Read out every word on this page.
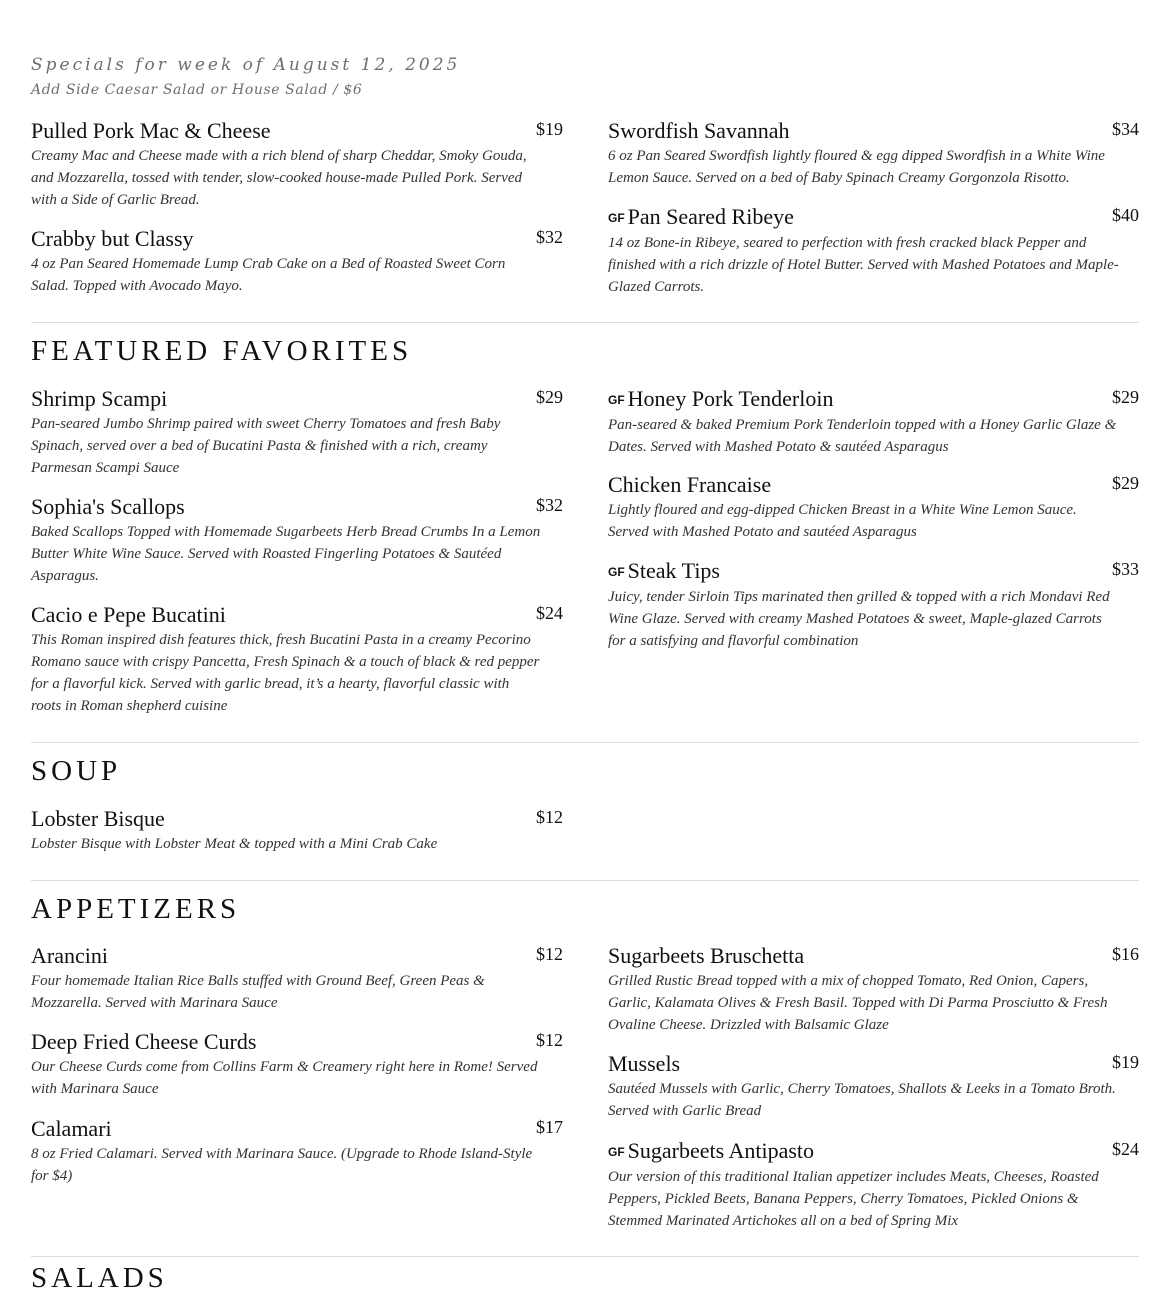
Specials for week of August 12, 2025

Add Side Caesar Salad or House Salad / $6

Pulled Pork Mac & Cheese	$19
Creamy Mac and Cheese made with a rich blend of sharp Cheddar, Smoky Gouda, and Mozzarella, tossed with tender, slow-cooked house-made Pulled Pork. Served with a Side of Garlic Bread.
Crabby but Classy	$32
4 oz Pan Seared Homemade Lump Crab Cake on a Bed of Roasted Sweet Corn Salad. Topped with Avocado Mayo.
Swordfish Savannah	$34
6 oz Pan Seared Swordfish lightly floured & egg dipped Swordfish in a White Wine Lemon Sauce. Served on a bed of Baby Spinach Creamy Gorgonzola Risotto.
GF Pan Seared Ribeye	$40
14 oz Bone-in Ribeye, seared to perfection with fresh cracked black Pepper and finished with a rich drizzle of Hotel Butter. Served with Mashed Potatoes and Maple-Glazed Carrots.
FEATURED FAVORITES
Shrimp Scampi	$29
Pan-seared Jumbo Shrimp paired with sweet Cherry Tomatoes and fresh Baby Spinach, served over a bed of Bucatini Pasta & finished with a rich, creamy Parmesan Scampi Sauce
Sophia's Scallops	$32
Baked Scallops Topped with Homemade Sugarbeets Herb Bread Crumbs In a Lemon Butter White Wine Sauce. Served with Roasted Fingerling Potatoes & Sautéed Asparagus.
Cacio e Pepe Bucatini	$24
This Roman inspired dish features thick, fresh Bucatini Pasta in a creamy Pecorino Romano sauce with crispy Pancetta, Fresh Spinach & a touch of black & red pepper for a flavorful kick. Served with garlic bread, it’s a hearty, flavorful classic with roots in Roman shepherd cuisine
GF Honey Pork Tenderloin	$29
Pan-seared & baked Premium Pork Tenderloin topped with a Honey Garlic Glaze & Dates. Served with Mashed Potato & sautéed Asparagus
Chicken Francaise	$29
Lightly floured and egg-dipped Chicken Breast in a White Wine Lemon Sauce. Served with Mashed Potato and sautéed Asparagus
GF Steak Tips	$33
Juicy, tender Sirloin Tips marinated then grilled & topped with a rich Mondavi Red Wine Glaze. Served with creamy Mashed Potatoes & sweet, Maple-glazed Carrots for a satisfying and flavorful combination
SOUP
Lobster Bisque	$12
Lobster Bisque with Lobster Meat & topped with a Mini Crab Cake
APPETIZERS
Arancini	$12
Four homemade Italian Rice Balls stuffed with Ground Beef, Green Peas & Mozzarella. Served with Marinara Sauce
Deep Fried Cheese Curds	$12
Our Cheese Curds come from Collins Farm & Creamery right here in Rome! Served with Marinara Sauce
Calamari	$17
8 oz Fried Calamari. Served with Marinara Sauce. (Upgrade to Rhode Island-Style for $4)
Sugarbeets Bruschetta	$16
Grilled Rustic Bread topped with a mix of chopped Tomato, Red Onion, Capers, Garlic, Kalamata Olives & Fresh Basil. Topped with Di Parma Prosciutto & Fresh Ovaline Cheese. Drizzled with Balsamic Glaze
Mussels	$19
Sautéed Mussels with Garlic, Cherry Tomatoes, Shallots & Leeks in a Tomato Broth. Served with Garlic Bread
GF Sugarbeets Antipasto	$24
Our version of this traditional Italian appetizer includes Meats, Cheeses, Roasted Peppers, Pickled Beets, Banana Peppers, Cherry Tomatoes, Pickled Onions & Stemmed Marinated Artichokes all on a bed of Spring Mix
SALADS
